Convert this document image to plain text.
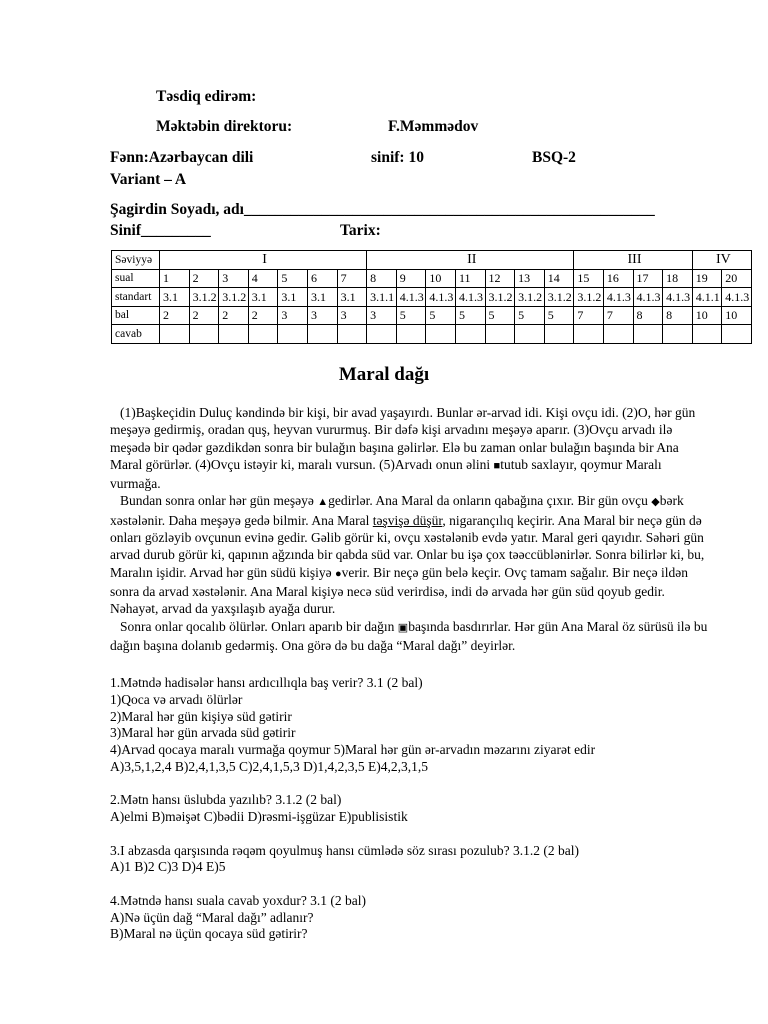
Təsdiq edirəm:
Məktəbin direktoru:	F.Məmmədov
Fənn:Azərbaycan dili	sinif: 10	BSQ-2
Variant – A
Şagirdin Soyadı, adı_____________________________________________________
Sinif_________	Tarix:
Səviyyə	I							II							III				IV	
sual	1	2	3	4	5	6	7	8	9	10	11	12	13	14	15	16	17	18	19	20
standart	3.1	3.1.2	3.1.2	3.1	3.1	3.1	3.1	3.1.1	4.1.3	4.1.3	4.1.3	3.1.2	3.1.2	3.1.2	3.1.2	4.1.3	4.1.3	4.1.3	4.1.1	4.1.3
bal	2	2	2	2	3	3	3	3	5	5	5	5	5	5	7	7	8	8	10	10
cavab																				
Maral dağı

(1)Başkeçidin Duluç kəndində bir kişi, bir avad yaşayırdı. Bunlar ər-arvad idi. Kişi ovçu idi. (2)O, hər gün meşəyə gedirmiş, oradan quş, heyvan vururmuş. Bir dəfə kişi arvadını meşəyə aparır. (3)Ovçu arvadı ilə meşədə bir qədər gəzdikdən sonra bir bulağın başına gəlirlər. Elə bu zaman onlar bulağın başında bir Ana Maral görürlər. (4)Ovçu istəyir ki, maralı vursun. (5)Arvadı onun əlini ■tutub saxlayır, qoymur Maralı vurmağa.

Bundan sonra onlar hər gün meşəyə ▲gedirlər. Ana Maral da onların qabağına çıxır. Bir gün ovçu ◆bərk xəstələnir. Daha meşəyə gedə bilmir. Ana Maral təşvişə düşür, nigarançılıq keçirir. Ana Maral bir neçə gün də onları gözləyib ovçunun evinə gedir. Gəlib görür ki, ovçu xəstələnib evdə yatır. Maral geri qayıdır. Səhəri gün arvad durub görür ki, qapının ağzında bir qabda süd var. Onlar bu işə çox təəccüblənirlər. Sonra bilirlər ki, bu, Maralın işidir. Arvad hər gün südü kişiyə ●verir. Bir neçə gün belə keçir. Ovç tamam sağalır. Bir neçə ildən sonra da arvad xəstələnir. Ana Maral kişiyə necə süd verirdisə, indi də arvada hər gün süd qoyub gedir. Nəhayət, arvad da yaxşılaşıb ayağa durur.

Sonra onlar qocalıb ölürlər. Onları aparıb bir dağın ▣başında basdırırlar. Hər gün Ana Maral öz sürüsü ilə bu dağın başına dolanıb gedərmiş. Ona görə də bu dağa “Maral dağı” deyirlər.

1.Mətndə hadisələr hansı ardıcıllıqla baş verir? 3.1 (2 bal)
1)Qoca və arvadı ölürlər
2)Maral hər gün kişiyə süd gətirir
3)Maral hər gün arvada süd gətirir
4)Arvad qocaya maralı vurmağa qoymur 5)Maral hər gün ər-arvadın məzarını ziyarət edir
A)3,5,1,2,4 B)2,4,1,3,5 C)2,4,1,5,3 D)1,4,2,3,5 E)4,2,3,1,5
2.Mətn hansı üslubda yazılıb? 3.1.2 (2 bal)
A)elmi B)məişət C)bədii D)rəsmi-işgüzar E)publisistik
3.I abzasda qarşısında rəqəm qoyulmuş hansı cümlədə söz sırası pozulub? 3.1.2 (2 bal)
A)1 B)2 C)3 D)4 E)5
4.Mətndə hansı suala cavab yoxdur? 3.1 (2 bal)
A)Nə üçün dağ “Maral dağı” adlanır?
B)Maral nə üçün qocaya süd gətirir?
